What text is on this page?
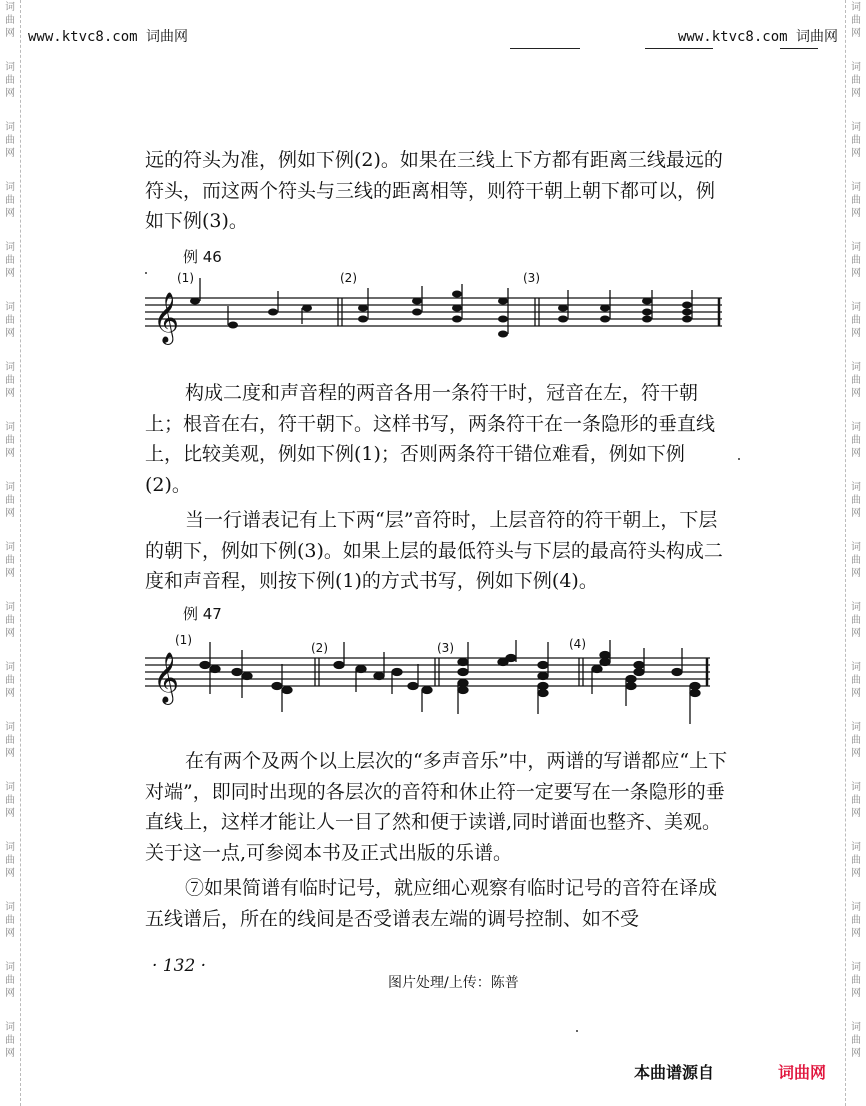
www.ktvc8.com 词曲网	www.ktvc8.com 词曲网
远的符头为准，例如下例(2)。如果在三线上下方都有距离三线最远的符头，而这两个符头与三线的距离相等，则符干朝上朝下都可以，例如下例(3)。
例 46
𝄞
(1)	(2)	(3)
构成二度和声音程的两音各用一条符干时，冠音在左，符干朝上；根音在右，符干朝下。这样书写，两条符干在一条隐形的垂直线上，比较美观，例如下例(1)；否则两条符干错位难看，例如下例(2)。
当一行谱表记有上下两“层”音符时，上层音符的符干朝上，下层的朝下，例如下例(3)。如果上层的最低符头与下层的最高符头构成二度和声音程，则按下例(1)的方式书写，例如下例(4)。
例 47
𝄞
(1)
(2)	(3)	(4)
在有两个及两个以上层次的“多声音乐”中，两谱的写谱都应“上下对端”，即同时出现的各层次的音符和休止符一定要写在一条隐形的垂直线上，这样才能让人一目了然和便于读谱,同时谱面也整齐、美观。关于这一点,可参阅本书及正式出版的乐谱。
⑦如果简谱有临时记号，就应细心观察有临时记号的音符在译成五线谱后，所在的线间是否受谱表左端的调号控制、如不受
· 132 ·
图片处理/上传：陈普
本曲谱源自	词曲网
词
曲
网
词
曲
网
词
曲
网
词
曲
网
词
曲
网
词
曲
网
词
曲
网
词
曲
网
词
曲
网
词
曲
网
词
曲
网
词
曲
网
词
曲
网
词
曲
网
词
曲
网
词
曲
网
词
曲
网
词
曲
网
词
曲
网
词
曲
网
词
曲
网
词
曲
网
词
曲
网
词
曲
网
词
曲
网
词
曲
网
词
曲
网
词
曲
网
词
曲
网
词
曲
网
词
曲
网
词
曲
网
词
曲
网
词
曲
网
词
曲
网
词
曲
网
